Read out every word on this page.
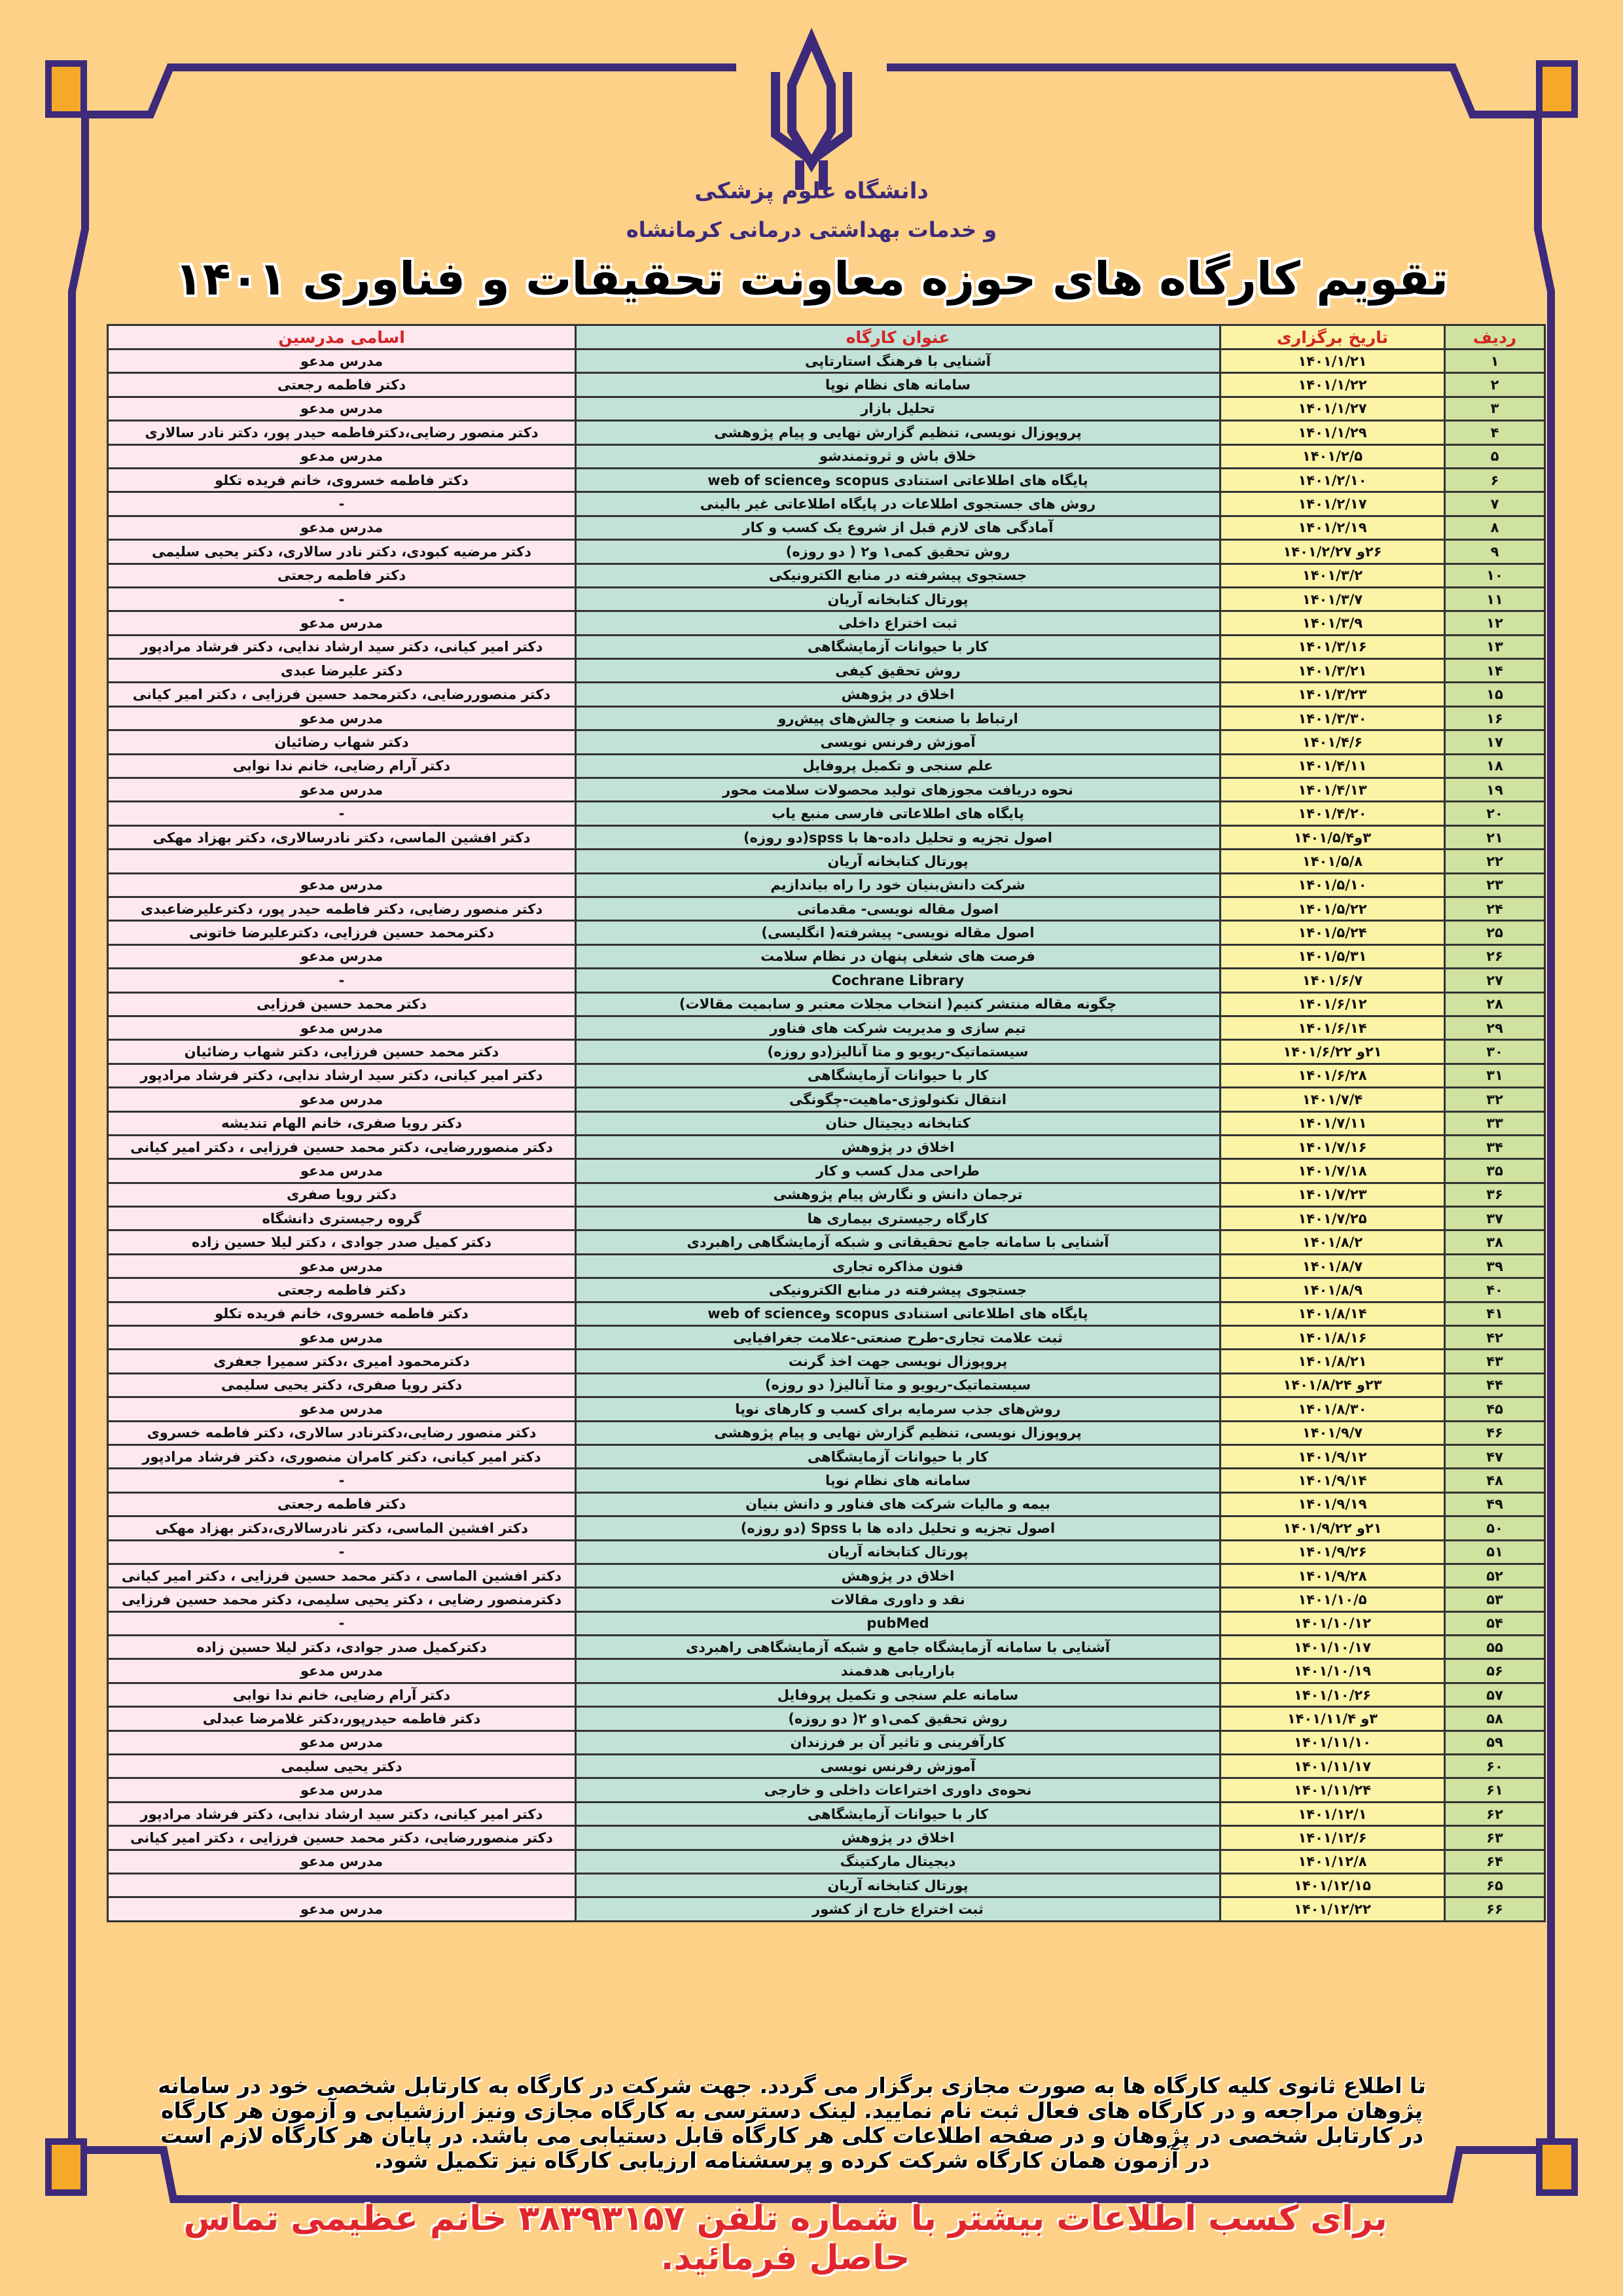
دانشگاه علوم پزشکی
و خدمات بهداشتی درمانی کرمانشاه
تقویم کارگاه های حوزه معاونت تحقیقات و فناوری ۱۴۰۱
ردیف	تاریخ برگزاری	عنوان کارگاه	اسامی مدرسین
۱	۱۴۰۱/۱/۲۱	آشنایی با فرهنگ استارتاپی	مدرس مدعو
۲	۱۴۰۱/۱/۲۲	سامانه های نظام نوپا	دکتر فاطمه رجعتی
۳	۱۴۰۱/۱/۲۷	تحلیل بازار	مدرس مدعو
۴	۱۴۰۱/۱/۲۹	پروپوزال نویسی، تنظیم گزارش نهایی و پیام پژوهشی	دکتر منصور رضایی،دکترفاطمه حیدر پور، دکتر نادر سالاری
۵	۱۴۰۱/۲/۵	خلاق باش و ثروتمندشو	مدرس مدعو
۶	۱۴۰۱/۲/۱۰	پایگاه های اطلاعاتی استنادی scopus وweb of science	دکتر فاطمه خسروی، خانم فریده تکلو
۷	۱۴۰۱/۲/۱۷	روش های جستجوی اطلاعات در پایگاه اطلاعاتی غیر بالینی	-
۸	۱۴۰۱/۲/۱۹	آمادگی های لازم قبل از شروع یک کسب و کار	مدرس مدعو
۹	۲۶و ۱۴۰۱/۲/۲۷	روش تحقیق کمی۱ و۲ ( دو روزه)	دکتر مرضیه کبودی، دکتر نادر سالاری، دکتر یحیی سلیمی
۱۰	۱۴۰۱/۳/۲	جستجوی پیشرفته در منابع الکترونیکی	دکتر فاطمه رجعتی
۱۱	۱۴۰۱/۳/۷	پورتال کتابخانه آریان	-
۱۲	۱۴۰۱/۳/۹	ثبت اختراع داخلی	مدرس مدعو
۱۳	۱۴۰۱/۳/۱۶	کار با حیوانات آزمایشگاهی	دکتر امیر کیانی، دکتر سید ارشاد ندایی، دکتر فرشاد مرادپور
۱۴	۱۴۰۱/۳/۲۱	روش تحقیق کیفی	دکتر علیرضا عبدی
۱۵	۱۴۰۱/۳/۲۳	اخلاق در پژوهش	دکتر منصوررضایی، دکترمحمد حسین فرزایی ، دکتر امیر کیانی
۱۶	۱۴۰۱/۳/۳۰	ارتباط با صنعت و چالش‌های پیش‌رو	مدرس مدعو
۱۷	۱۴۰۱/۴/۶	آموزش رفرنس نویسی	دکتر شهاب رضائیان
۱۸	۱۴۰۱/۴/۱۱	علم سنجی و تکمیل پروفایل	دکتر آرام رضایی، خانم ندا نوابی
۱۹	۱۴۰۱/۴/۱۳	نحوه دریافت مجوزهای تولید محصولات سلامت محور	مدرس مدعو
۲۰	۱۴۰۱/۴/۲۰	پایگاه های اطلاعاتی فارسی منبع یاب	-
۲۱	۳و۱۴۰۱/۵/۴	اصول تجزیه و تحلیل داده-ها با spss(دو روزه)	دکتر افشین الماسی، دکتر نادرسالاری، دکتر بهزاد مهکی
۲۲	۱۴۰۱/۵/۸	پورتال کتابخانه آریان	
۲۳	۱۴۰۱/۵/۱۰	شرکت دانش‌بنیان خود را راه بیاندازیم	مدرس مدعو
۲۴	۱۴۰۱/۵/۲۲	اصول مقاله نویسی- مقدماتی	دکتر منصور رضایی، دکتر فاطمه حیدر پور، دکترعلیرضاعبدی
۲۵	۱۴۰۱/۵/۲۴	اصول مقاله نویسی- پیشرفته( انگلیسی)	دکترمحمد حسین فرزایی، دکترعلیرضا خاتونی
۲۶	۱۴۰۱/۵/۳۱	فرصت های شغلی پنهان در نظام سلامت	مدرس مدعو
۲۷	۱۴۰۱/۶/۷	Cochrane Library	-
۲۸	۱۴۰۱/۶/۱۲	چگونه مقاله منتشر کنیم( انتخاب مجلات معتبر و سابمیت مقالات)	دکتر محمد حسین فرزایی
۲۹	۱۴۰۱/۶/۱۴	تیم سازی و مدیریت شرکت های فناور	مدرس مدعو
۳۰	۲۱و ۱۴۰۱/۶/۲۲	سیستماتیک-ریویو و متا آنالیز(دو روزه)	دکتر محمد حسین فرزایی، دکتر شهاب رضائیان
۳۱	۱۴۰۱/۶/۲۸	کار با حیوانات آزمایشگاهی	دکتر امیر کیانی، دکتر سید ارشاد ندایی، دکتر فرشاد مرادپور
۳۲	۱۴۰۱/۷/۴	انتقال تکنولوژی-ماهیت-چگونگی	مدرس مدعو
۳۳	۱۴۰۱/۷/۱۱	کتابخانه دیجیتال حنان	دکتر رویا صفری، خانم الهام تندیشه
۳۴	۱۴۰۱/۷/۱۶	اخلاق در پژوهش	دکتر منصوررضایی، دکتر محمد حسین فرزایی ، دکتر امیر کیانی
۳۵	۱۴۰۱/۷/۱۸	طراحی مدل کسب و کار	مدرس مدعو
۳۶	۱۴۰۱/۷/۲۳	ترجمان دانش و نگارش پیام پژوهشی	دکتر رویا صفری
۳۷	۱۴۰۱/۷/۲۵	کارگاه رجیستری بیماری ها	گروه رجیستری دانشگاه
۳۸	۱۴۰۱/۸/۲	آشنایی با سامانه جامع تحقیقاتی و شبکه آزمایشگاهی راهبردی	دکتر کمیل صدر جوادی ، دکتر لیلا حسین زاده
۳۹	۱۴۰۱/۸/۷	فنون مذاکره تجاری	مدرس مدعو
۴۰	۱۴۰۱/۸/۹	جستجوی پیشرفته در منابع الکترونیکی	دکتر فاطمه رجعتی
۴۱	۱۴۰۱/۸/۱۴	پایگاه های اطلاعاتی استنادی scopus وweb of science	دکتر فاطمه خسروی، خانم فریده تکلو
۴۲	۱۴۰۱/۸/۱۶	ثبت علامت تجاری-طرح صنعتی-علامت جغرافیایی	مدرس مدعو
۴۳	۱۴۰۱/۸/۲۱	پروپوزال نویسی جهت اخذ گرنت	دکترمحمود امیری ،دکتر سمیرا جعفری
۴۴	۲۳و ۱۴۰۱/۸/۲۴	سیستماتیک-ریویو و متا آنالیز( دو روزه)	دکتر رویا صفری، دکتر یحیی سلیمی
۴۵	۱۴۰۱/۸/۳۰	روش‌های جذب سرمایه برای کسب و کارهای نوپا	مدرس مدعو
۴۶	۱۴۰۱/۹/۷	پروپوزال نویسی، تنظیم گزارش نهایی و پیام پژوهشی	دکتر منصور رضایی،دکترنادر سالاری، دکتر فاطمه خسروی
۴۷	۱۴۰۱/۹/۱۲	کار با حیوانات آزمایشگاهی	دکتر امیر کیانی، دکتر کامران منصوری، دکتر فرشاد مرادپور
۴۸	۱۴۰۱/۹/۱۴	سامانه های نظام نوپا	-
۴۹	۱۴۰۱/۹/۱۹	بیمه و مالیات شرکت های فناور و دانش بنیان	دکتر فاطمه رجعتی
۵۰	۲۱و ۱۴۰۱/۹/۲۲	اصول تجزیه و تحلیل داده ها با Spss (دو روزه)	دکتر افشین الماسی، دکتر نادرسالاری،دکتر بهزاد مهکی
۵۱	۱۴۰۱/۹/۲۶	پورتال کتابخانه آریان	-
۵۲	۱۴۰۱/۹/۲۸	اخلاق در پژوهش	دکتر افشین الماسی ، دکتر محمد حسین فرزایی ، دکتر امیر کیانی
۵۳	۱۴۰۱/۱۰/۵	نقد و داوری مقالات	دکترمنصور رضایی ، دکتر یحیی سلیمی، دکتر محمد حسین فرزایی
۵۴	۱۴۰۱/۱۰/۱۲	pubMed	-
۵۵	۱۴۰۱/۱۰/۱۷	آشنایی با سامانه آزمایشگاه جامع و شبکه آزمایشگاهی راهبردی	دکترکمیل صدر جوادی، دکتر لیلا حسین زاده
۵۶	۱۴۰۱/۱۰/۱۹	بازاریابی هدفمند	مدرس مدعو
۵۷	۱۴۰۱/۱۰/۲۶	سامانه علم سنجی و تکمیل پروفایل	دکتر آرام رضایی، خانم ندا نوابی
۵۸	۳و ۱۴۰۱/۱۱/۴	روش تحقیق کمی۱و ۲( دو روزه)	دکتر فاطمه حیدرپور،دکتر غلامرضا عبدلی
۵۹	۱۴۰۱/۱۱/۱۰	کارآفرینی و تاثیر آن بر فرزندان	مدرس مدعو
۶۰	۱۴۰۱/۱۱/۱۷	آموزش رفرنس نویسی	دکتر یحیی سلیمی
۶۱	۱۴۰۱/۱۱/۲۴	نحوه‌ی داوری اختراعات داخلی و خارجی	مدرس مدعو
۶۲	۱۴۰۱/۱۲/۱	کار با حیوانات آزمایشگاهی	دکتر امیر کیانی، دکتر سید ارشاد ندایی، دکتر فرشاد مرادپور
۶۳	۱۴۰۱/۱۲/۶	اخلاق در پژوهش	دکتر منصوررضایی، دکتر محمد حسین فرزایی ، دکتر امیر کیانی
۶۴	۱۴۰۱/۱۲/۸	دیجیتال مارکتینگ	مدرس مدعو
۶۵	۱۴۰۱/۱۲/۱۵	پورتال کتابخانه آریان	
۶۶	۱۴۰۱/۱۲/۲۲	ثبت اختراع خارج از کشور	مدرس مدعو
تا اطلاع ثانوی کلیه کارگاه ها به صورت مجازی برگزار می گردد. جهت شرکت در کارگاه به کارتابل شخصی خود در سامانه پژوهان مراجعه و در کارگاه های فعال ثبت نام نمایید. لینک دسترسی به کارگاه مجازی ونیز ارزشیابی و آزمون هر کارگاه در کارتابل شخصی در پژوهان و در صفحه اطلاعات کلی هر کارگاه قابل دستیابی می باشد. در پایان هر کارگاه لازم است در آزمون همان کارگاه شرکت کرده و پرسشنامه ارزیابی کارگاه نیز تکمیل شود.
برای کسب اطلاعات بیشتر با شماره تلفن ۳۸۳۹۳۱۵۷ خانم عظیمی تماس حاصل فرمائید.
